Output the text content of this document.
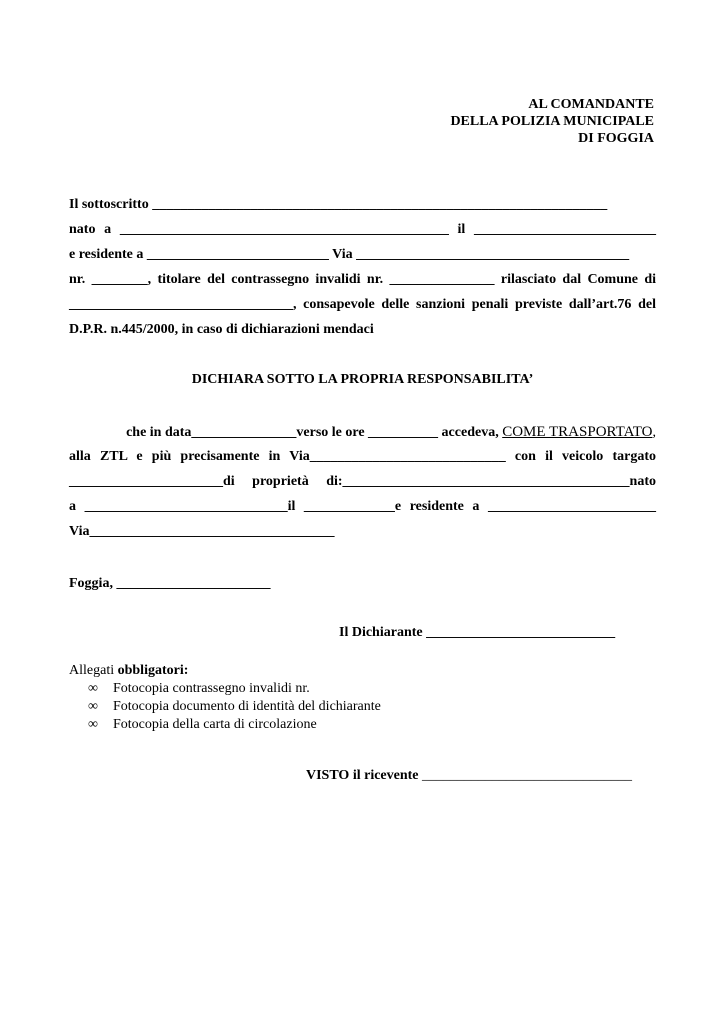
AL COMANDANTE
DELLA POLIZIA MUNICIPALE
DI FOGGIA
Il sottoscritto _________________________________________________________________
nato a _______________________________________________ il __________________________
e residente a __________________________ Via _______________________________________
nr. ________, titolare del contrassegno invalidi nr. _______________ rilasciato dal Comune di
________________________________, consapevole delle sanzioni penali previste dall’art.76 del
D.P.R. n.445/2000, in caso di dichiarazioni mendaci
DICHIARA SOTTO LA PROPRIA RESPONSABILITA’
che in data_______________verso le ore __________ accedeva, COME TRASPORTATO,
alla ZTL e più precisamente in Via____________________________ con il veicolo targato
______________________di proprietà di:_________________________________________nato
a _____________________________il _____________e residente a ________________________
Via___________________________________
Foggia, ______________________
Il Dichiarante ___________________________
Allegati obbligatori:
∞ Fotocopia contrassegno invalidi nr.
∞ Fotocopia documento di identità del dichiarante
∞ Fotocopia della carta di circolazione
VISTO il ricevente ______________________________
